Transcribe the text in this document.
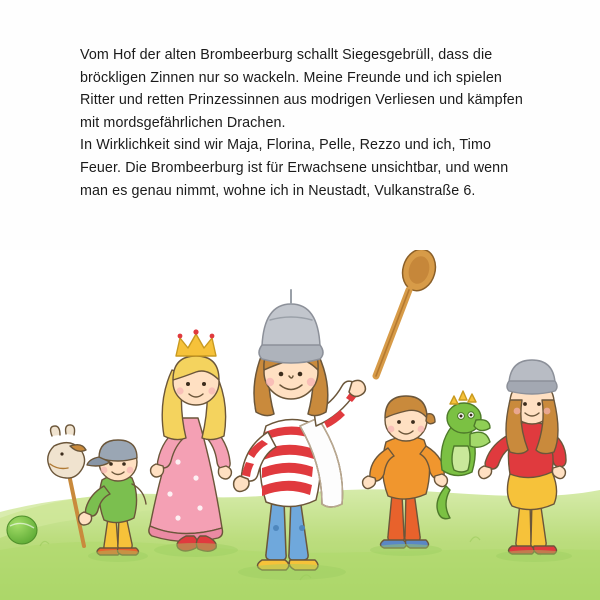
Vom Hof der alten Brombeerburg schallt Siegesgebrüll, dass die bröckligen Zinnen nur so wackeln. Meine Freunde und ich spielen Ritter und retten Prinzessinnen aus modrigen Verliesen und kämpfen mit mordsgefährlichen Drachen.

In Wirklichkeit sind wir Maja, Florina, Pelle, Rezzo und ich, Timo Feuer. Die Brombeerburg ist für Erwachsene unsichtbar, und wenn man es genau nimmt, wohne ich in Neustadt, Vulkanstraße 6.
